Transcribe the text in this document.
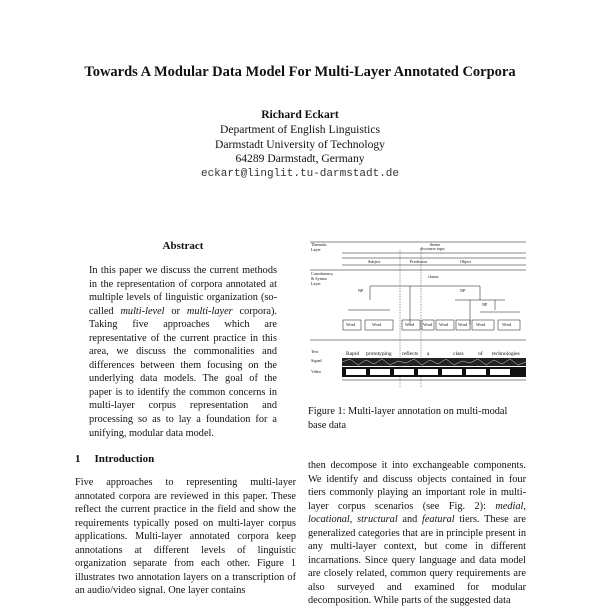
Towards A Modular Data Model For Multi-Layer Annotated Corpora
Richard Eckart
Department of English Linguistics
Darmstadt University of Technology
64289 Darmstadt, Germany
eckart@linglit.tu-darmstadt.de
Abstract
In this paper we discuss the current methods in the representation of corpora annotated at multiple levels of linguistic organization (so-called multi-level or multi-layer corpora). Taking five approaches which are representative of the current practice in this area, we discuss the commonalities and differences between them focusing on the underlying data models. The goal of the paper is to identify the common concerns in multi-layer corpus representation and processing so as to lay a foundation for a unifying, modular data model.
1 Introduction
Five approaches to representing multi-layer annotated corpora are reviewed in this paper. These reflect the current practice in the field and show the requirements typically posed on multi-layer corpus applications. Multi-layer annotated corpora keep annotations at different levels of linguistic organization separate from each other. Figure 1 illustrates two annotation layers on a transcription of an audio/video signal. One layer contains
Thematic
Layer
theme
discourse topic
Subject	Predicator	Object
Constituency
& Syntax
Layer
clause
NP	NP
NP
Word	Word	Word Word Word Word Word	Word
Text
Signal
Video
Rapid prototyping reflects a	class	of technologies
Figure 1: Multi-layer annotation on multi-modal base data
then decompose it into exchangeable components. We identify and discuss objects contained in four tiers commonly playing an important role in multi-layer corpus scenarios (see Fig. 2): medial, locational, structural and featural tiers. These are generalized categories that are in principle present in any multi-layer context, but come in different incarnations. Since query language and data model are closely related, common query requirements are also surveyed and examined for modular decomposition. While parts of the suggested data
